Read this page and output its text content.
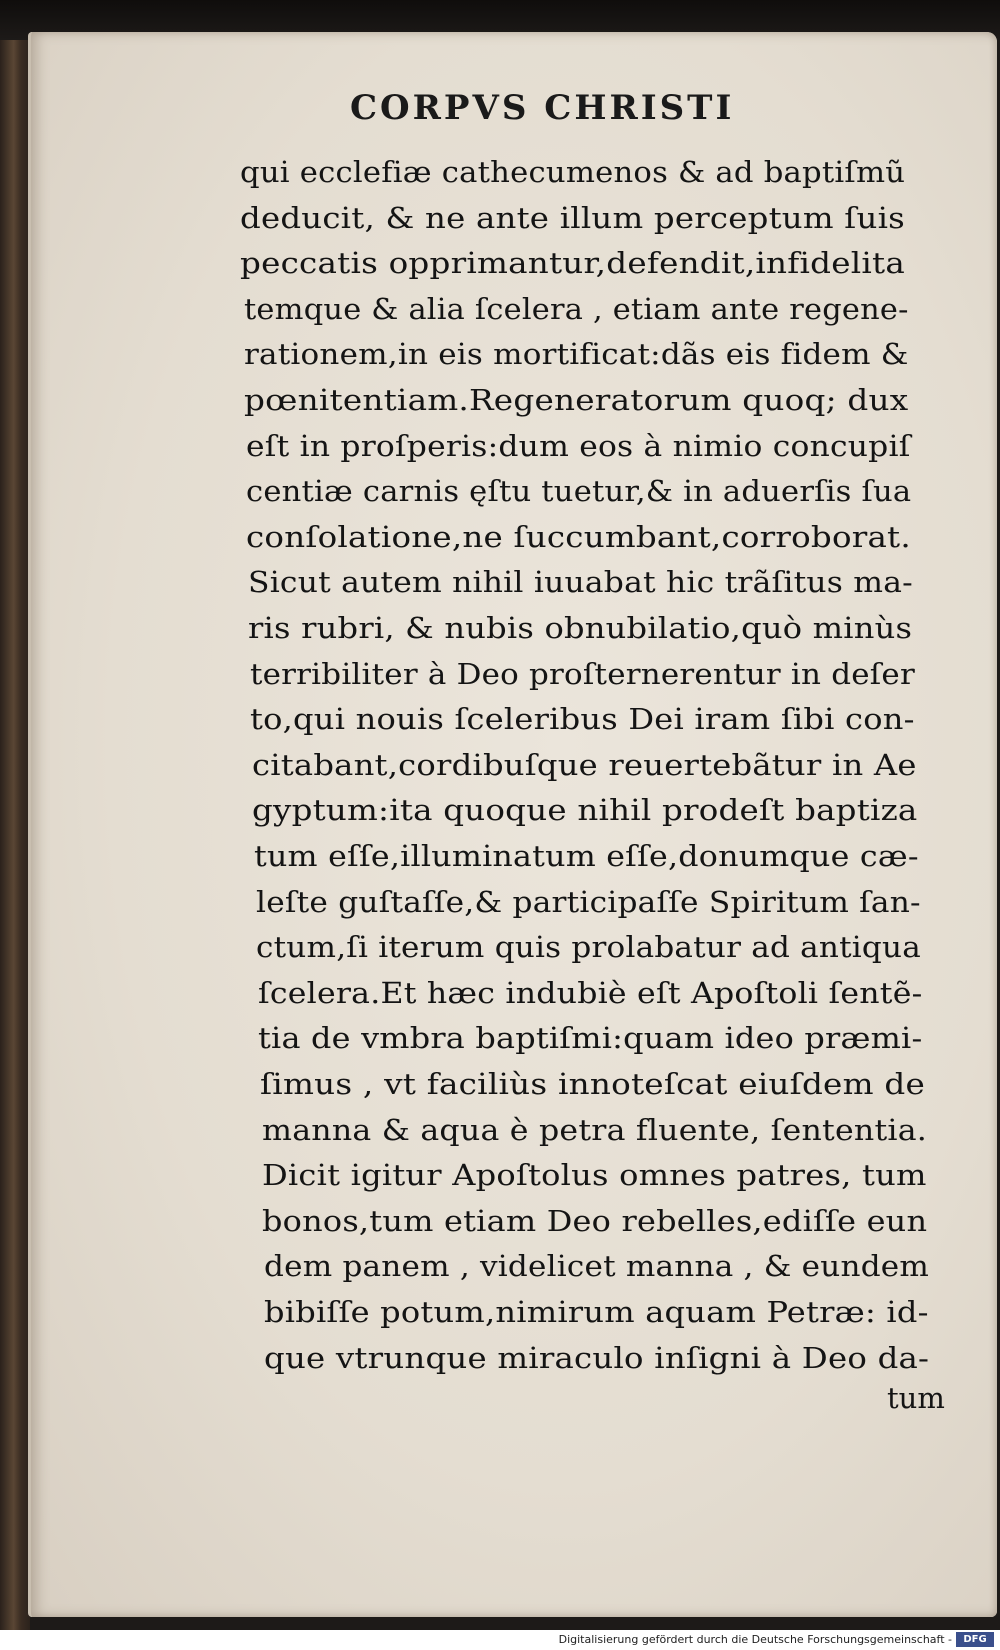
CORPVS CHRISTI
qui ecclefiæ cathecumenos & ad baptiſmũ
deducit, & ne ante illum perceptum ſuis
peccatis opprimantur,defendit,infidelita
temque & alia ſcelera , etiam ante regene-
rationem,in eis mortificat:dãs eis fidem &
pœnitentiam.Regeneratorum quoq; dux
eſt in proſperis:dum eos à nimio concupiſ
centiæ carnis ęſtu tuetur,& in aduerſis ſua
conſolatione,ne ſuccumbant,corroborat.
Sicut autem nihil iuuabat hic trãſitus ma-
ris rubri, & nubis obnubilatio,quò minùs
terribiliter à Deo proſternerentur in deſer
to,qui nouis ſceleribus Dei iram ſibi con-
citabant,cordibuſque reuertebãtur in Ae
gyptum:ita quoque nihil prodeſt baptiza
tum eſſe,illuminatum eſſe,donumque cæ-
leſte guſtaſſe,& participaſſe Spiritum ſan-
ctum,ſi iterum quis prolabatur ad antiqua
ſcelera.Et hæc indubiè eſt Apoſtoli ſentẽ-
tia de vmbra baptiſmi:quam ideo præmi-
ſimus , vt faciliùs innoteſcat eiuſdem de
manna & aqua è petra fluente, ſententia.
Dicit igitur Apoſtolus omnes patres, tum
bonos,tum etiam Deo rebelles,ediſſe eun
dem panem , videlicet manna , & eundem
bibiſſe potum,nimirum aquam Petræ: id-
que vtrunque miraculo inſigni à Deo da-
tum
Digitalisierung gefördert durch die Deutsche Forschungsgemeinschaft -	DFG
